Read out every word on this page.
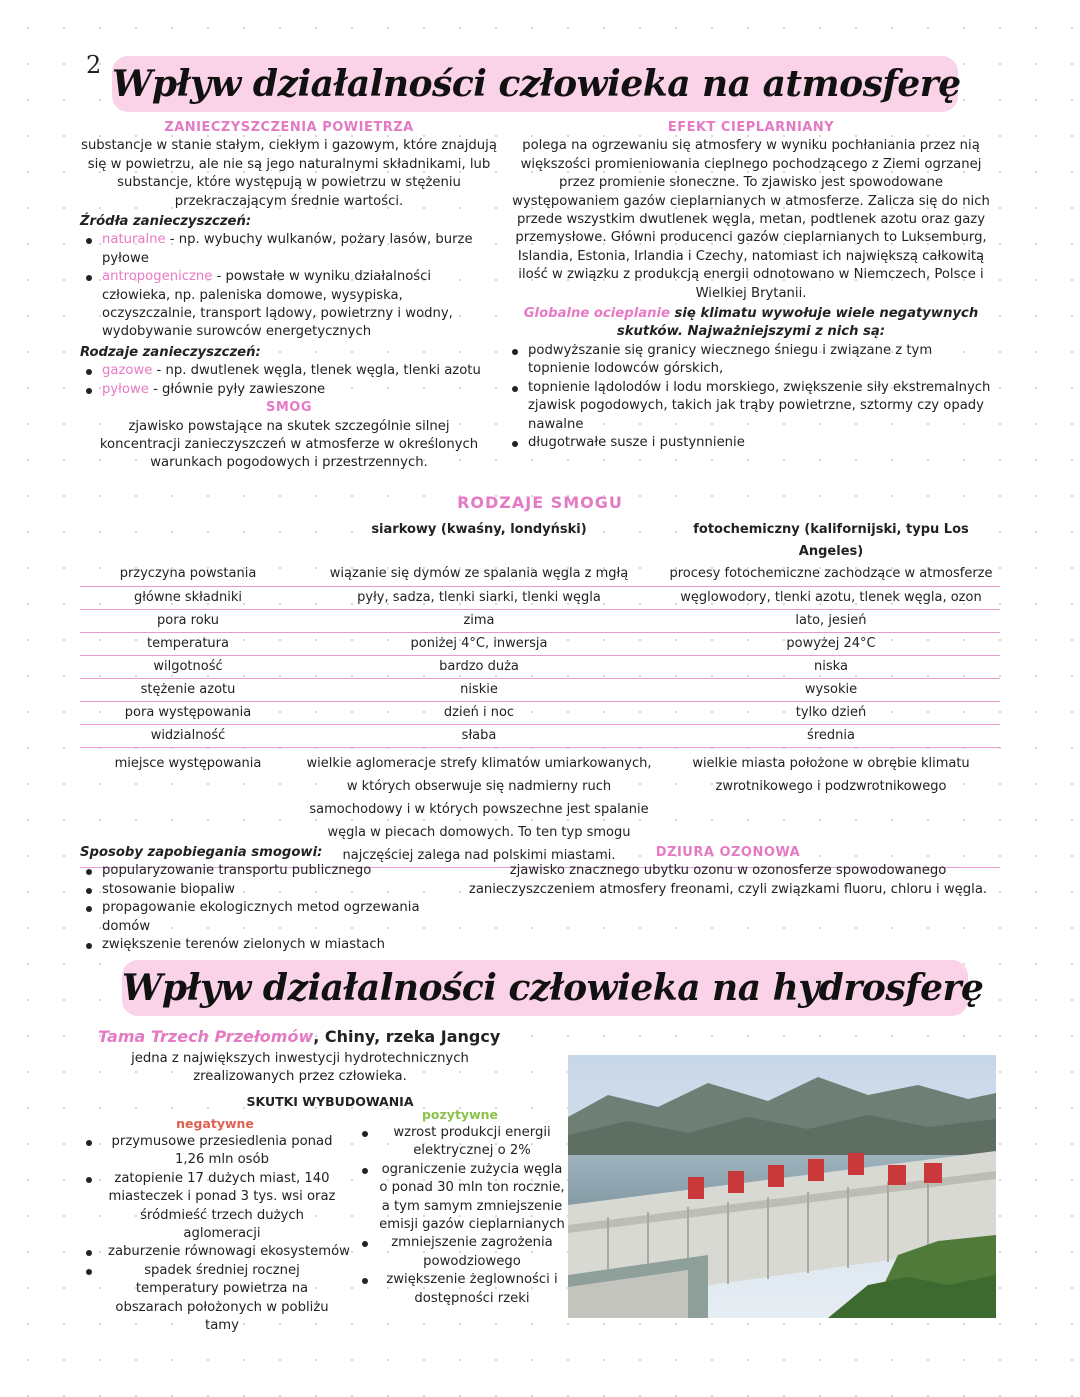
2 Wpływ działalności człowieka na atmosferę
ZANIECZYSZCZENIA POWIETRZA
substancje w stanie stałym, ciekłym i gazowym, które znajdują się w powietrzu, ale nie są jego naturalnymi składnikami, lub substancje, które występują w powietrzu w stężeniu przekraczającym średnie wartości.
Źródła zanieczyszczeń:
naturalne - np. wybuchy wulkanów, pożary lasów, burze pyłowe
antropogeniczne - powstałe w wyniku działalności człowieka, np. paleniska domowe, wysypiska, oczyszczalnie, transport lądowy, powietrzny i wodny, wydobywanie surowców energetycznych
Rodzaje zanieczyszczeń:
gazowe - np. dwutlenek węgla, tlenek węgla, tlenki azotu
pyłowe - głównie pyły zawieszone
SMOG
zjawisko powstające na skutek szczególnie silnej koncentracji zanieczyszczeń w atmosferze w określonych warunkach pogodowych i przestrzennych.
EFEKT CIEPLARNIANY
polega na ogrzewaniu się atmosfery w wyniku pochłaniania przez nią większości promieniowania cieplnego pochodzącego z Ziemi ogrzanej przez promienie słoneczne. To zjawisko jest spowodowane występowaniem gazów cieplarnianych w atmosferze. Zalicza się do nich przede wszystkim dwutlenek węgla, metan, podtlenek azotu oraz gazy przemysłowe. Główni producenci gazów cieplarnianych to Luksemburg, Islandia, Estonia, Irlandia i Czechy, natomiast ich największą całkowitą ilość w związku z produkcją energii odnotowano w Niemczech, Polsce i Wielkiej Brytanii.
Globalne ocieplanie się klimatu wywołuje wiele negatywnych skutków. Najważniejszymi z nich są:
podwyższanie się granicy wiecznego śniegu i związane z tym topnienie lodowców górskich,
topnienie lądolodów i lodu morskiego, zwiększenie siły ekstremalnych zjawisk pogodowych, takich jak trąby powietrzne, sztormy czy opady nawalne
długotrwałe susze i pustynnienie
RODZAJE SMOGU
	siarkowy (kwaśny, londyński)	fotochemiczny (kalifornijski, typu Los Angeles)
przyczyna powstania	wiązanie się dymów ze spalania węgla z mgłą	procesy fotochemiczne zachodzące w atmosferze
główne składniki	pyły, sadza, tlenki siarki, tlenki węgla	węglowodory, tlenki azotu, tlenek węgla, ozon
pora roku	zima	lato, jesień
temperatura	poniżej 4°C, inwersja	powyżej 24°C
wilgotność	bardzo duża	niska
stężenie azotu	niskie	wysokie
pora występowania	dzień i noc	tylko dzień
widzialność	słaba	średnia
miejsce występowania	wielkie aglomeracje strefy klimatów umiarkowanych, w których obserwuje się nadmierny ruch samochodowy i w których powszechne jest spalanie węgla w piecach domowych. To ten typ smogu najczęściej zalega nad polskimi miastami.	wielkie miasta położone w obrębie klimatu zwrotnikowego i podzwrotnikowego
Sposoby zapobiegania smogowi:
popularyzowanie transportu publicznego
stosowanie biopaliw
propagowanie ekologicznych metod ogrzewania domów
zwiększenie terenów zielonych w miastach
DZIURA OZONOWA
zjawisko znacznego ubytku ozonu w ozonosferze spowodowanego zanieczyszczeniem atmosfery freonami, czyli związkami fluoru, chloru i węgla.
Wpływ działalności człowieka na hydrosferę
Tama Trzech Przełomów, Chiny, rzeka Jangcy
jedna z największych inwestycji hydrotechnicznych zrealizowanych przez człowieka.
SKUTKI WYBUDOWANIA
negatywne
pozytywne
przymusowe przesiedlenia ponad 1,26 mln osób
zatopienie 17 dużych miast, 140 miasteczek i ponad 3 tys. wsi oraz śródmieść trzech dużych aglomeracji
zaburzenie równowagi ekosystemów
spadek średniej rocznej temperatury powietrza na obszarach położonych w pobliżu tamy
wzrost produkcji energii elektrycznej o 2%
ograniczenie zużycia węgla o ponad 30 mln ton rocznie, a tym samym zmniejszenie emisji gazów cieplarnianych
zmniejszenie zagrożenia powodziowego
zwiększenie żeglowności i dostępności rzeki
